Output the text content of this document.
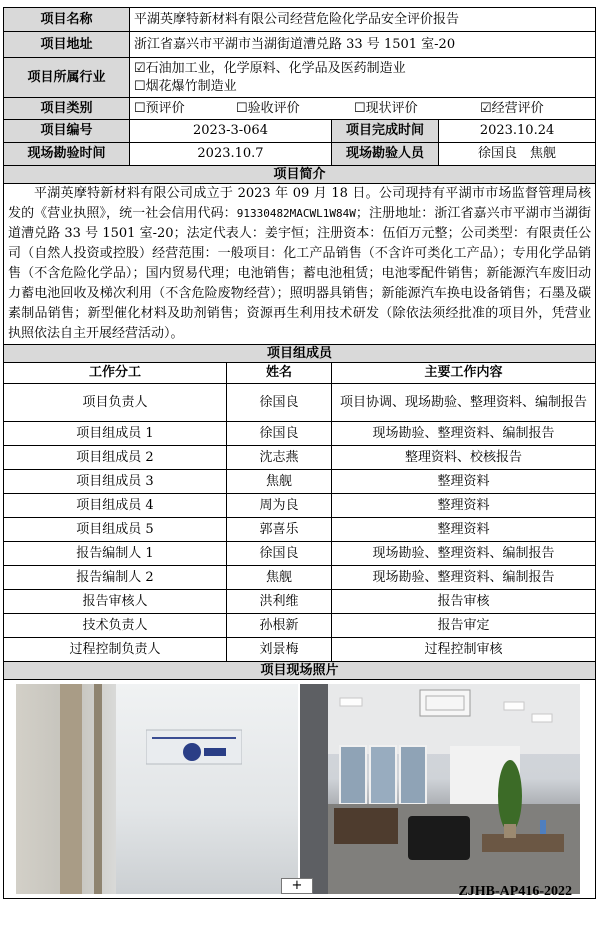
项目名称	平湖英摩特新材料有限公司经营危险化学品安全评价报告			
项目地址	浙江省嘉兴市平湖市当湖街道漕兑路 33 号 1501 室-20			
项目所属行业	☑石油加工业，化学原料、化学品及医药制造业
☐烟花爆竹制造业			

项目类别	☐预评价 ☐验收评价 ☐现状评价 ☑经营评价			
项目编号	2023-3-064		项目完成时间	2023.10.24
现场勘验时间	2023.10.7		现场勘验人员	徐国良　焦舰
项目简介				
平湖英摩特新材料有限公司成立于 2023 年 09 月 18 日。公司现持有平湖市市场监督管理局核发的《营业执照》，统一社会信用代码：91330482MACWL1W84W；注册地址：浙江省嘉兴市平湖市当湖街道漕兑路 33 号 1501 室-20；法定代表人：姜宇恒；注册资本：伍佰万元整；公司类型：有限责任公司（自然人投资或控股）经营范围：一般项目：化工产品销售（不含许可类化工产品）；专用化学品销售（不含危险化学品）；国内贸易代理；电池销售；蓄电池租赁；电池零配件销售；新能源汽车废旧动力蓄电池回收及梯次利用（不含危险废物经营）；照明器具销售；新能源汽车换电设备销售；石墨及碳素制品销售；新型催化材料及助剂销售；资源再生利用技术研发（除依法须经批准的项目外，凭营业执照依法自主开展经营活动）。				
项目组成员				
工作分工		姓名	主要工作内容	
项目负责人		徐国良	项目协调、现场勘验、整理资料、编制报告	
项目组成员 1		徐国良	现场勘验、整理资料、编制报告	
项目组成员 2		沈志燕	整理资料、校核报告	
项目组成员 3		焦舰	整理资料	
项目组成员 4		周为良	整理资料	
项目组成员 5		郭喜乐	整理资料	
报告编制人 1		徐国良	现场勘验、整理资料、编制报告	
报告编制人 2		焦舰	现场勘验、整理资料、编制报告	
报告审核人		洪利维	报告审核	
技术负责人		孙根新	报告审定	
过程控制负责人		刘景梅	过程控制审核	
项目现场照片				

+	ZJHB-AP416-2022
